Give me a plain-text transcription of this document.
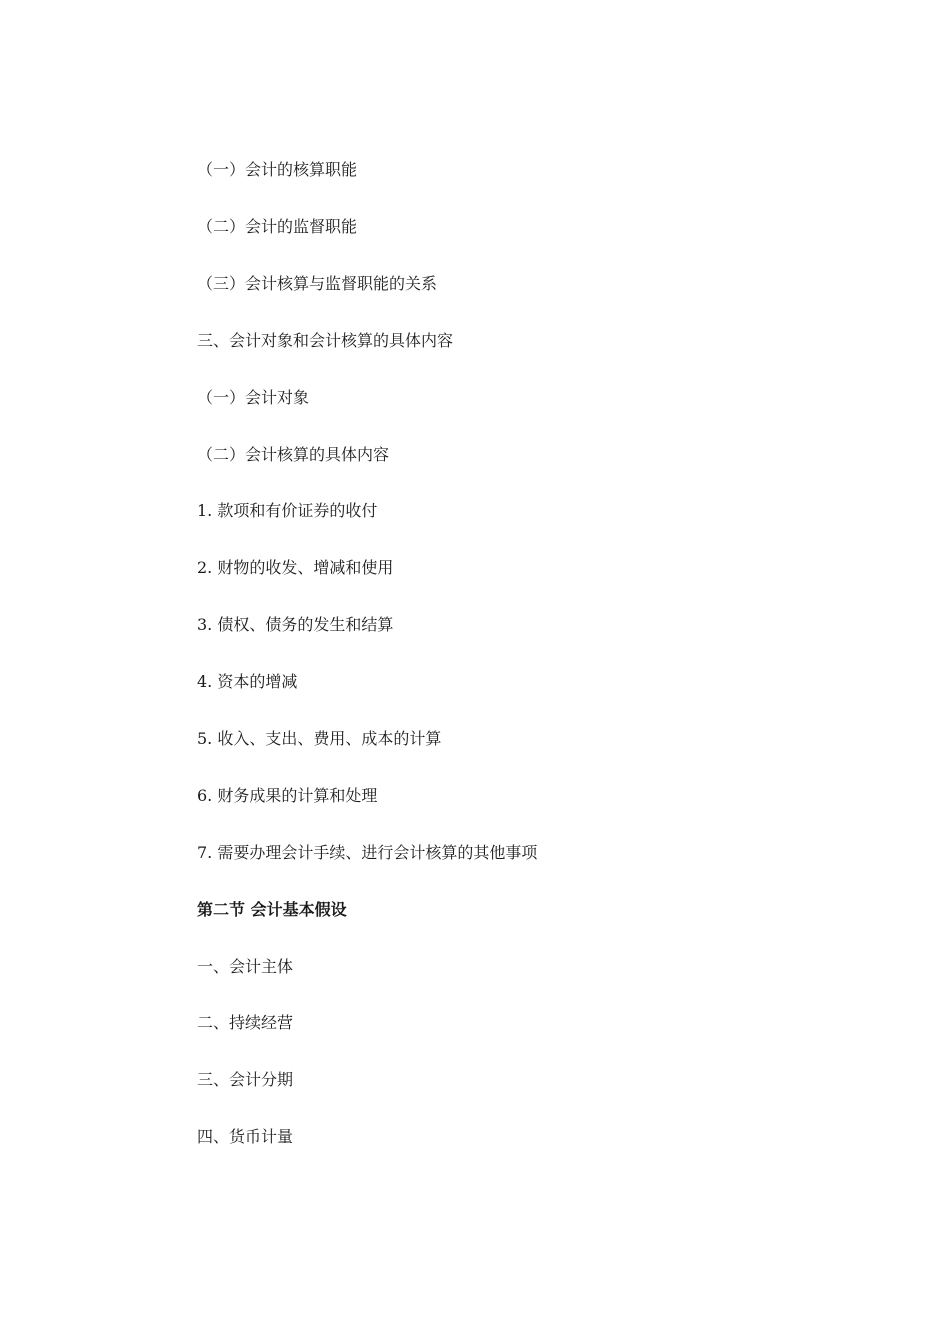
（一）会计的核算职能
（二）会计的监督职能
（三）会计核算与监督职能的关系
三、会计对象和会计核算的具体内容
（一）会计对象
（二）会计核算的具体内容
1. 款项和有价证券的收付
2. 财物的收发、增减和使用
3. 债权、债务的发生和结算
4. 资本的增减
5. 收入、支出、费用、成本的计算
6. 财务成果的计算和处理
7. 需要办理会计手续、进行会计核算的其他事项
第二节 会计基本假设
一、会计主体
二、持续经营
三、会计分期
四、货币计量
